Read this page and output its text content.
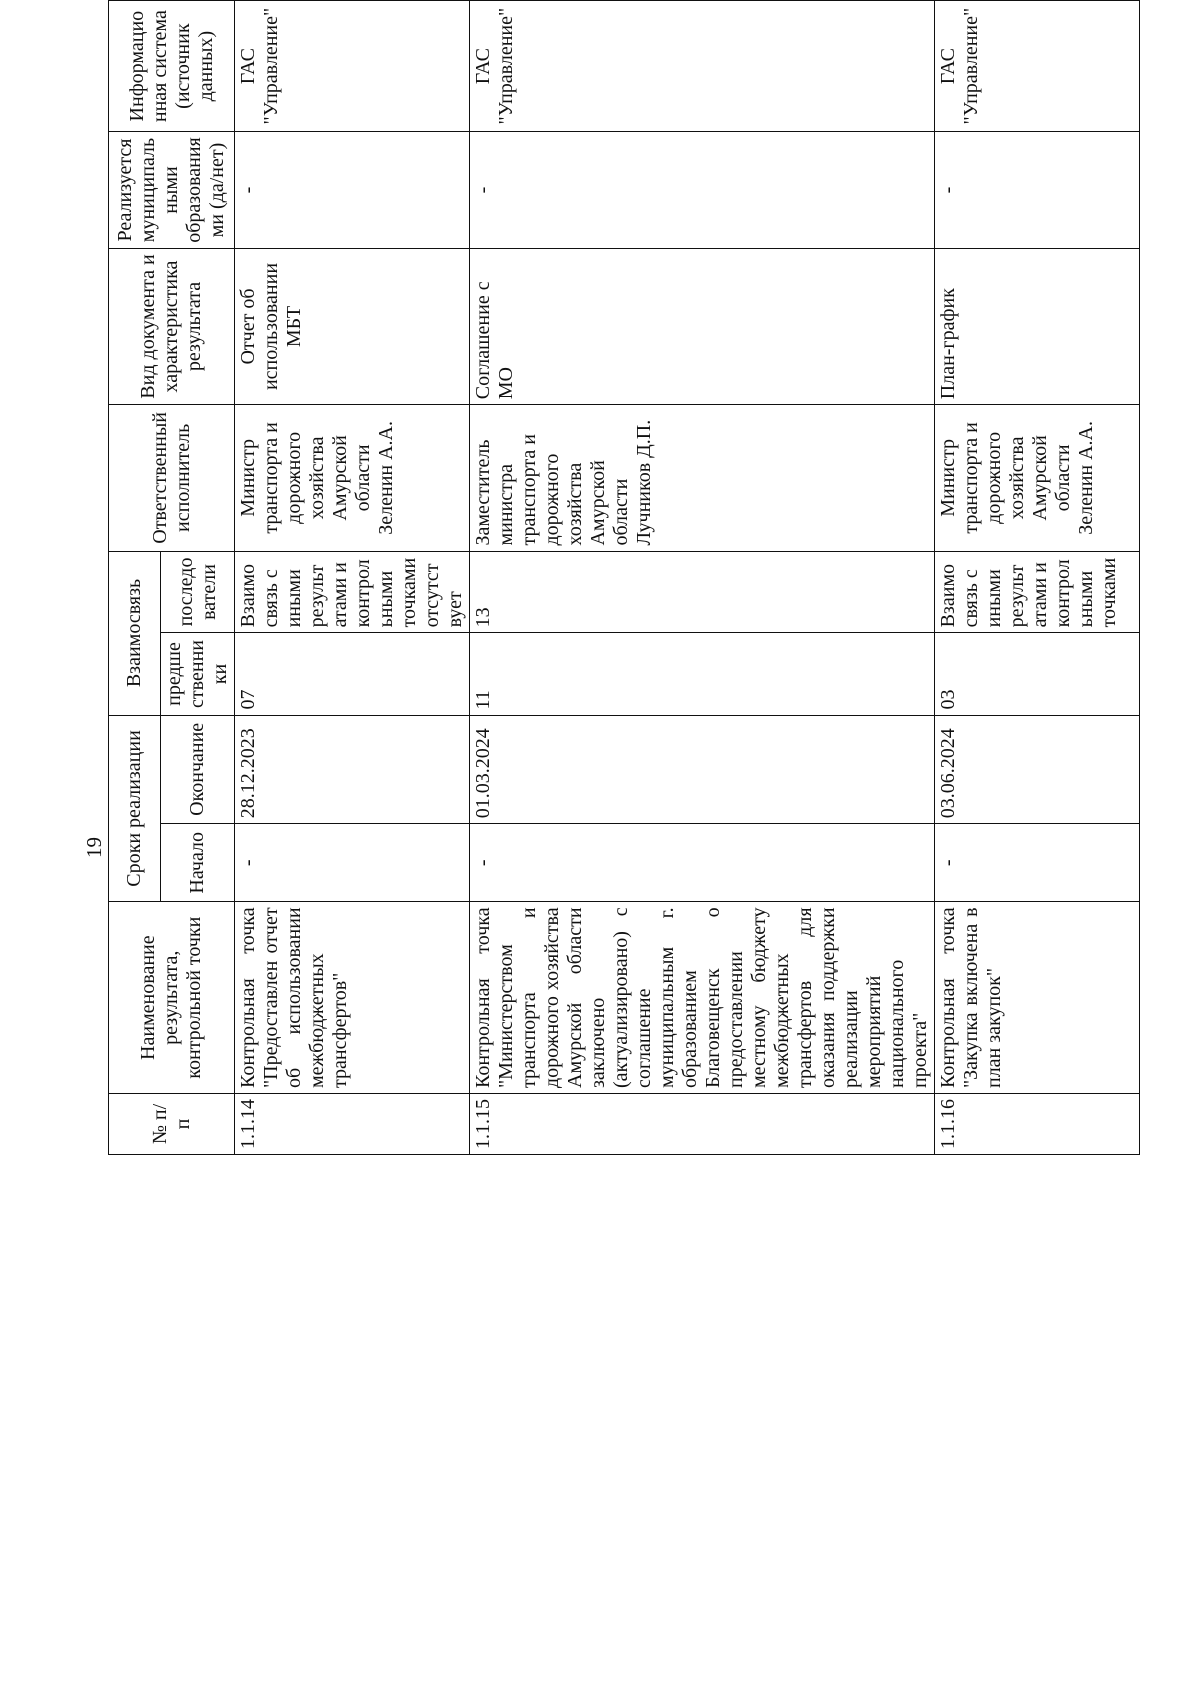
19
№ п/п	Наименование результата, контрольной точки	Сроки реализации		Взаимосвязь		Ответственный исполнитель	Вид документа и характеристика результата	Реализуется муниципаль ными образования ми (да/нет)	Информацио нная система (источник данных)
		Начало	Окончание	предше ственни ки	последо ватели				
1.1.14	Контрольная точка "Предоставлен отчет об использовании межбюджетных трансфертов"	-	28.12.2023	07	Взаимо связь с иными результ атами и контрол ьными точками отсутст вует	Министр транспорта и дорожного хозяйства Амурской области Зеленин А.А.	Отчет об использовании МБТ	-	ГАС "Управление"
1.1.15	Контрольная точка "Министерством транспорта и дорожного хозяйства Амурской области заключено (актуализировано) с соглашение муниципальным г. образованием Благовещенск о предоставлении местному бюджету межбюджетных трансфертов для оказания поддержки реализации мероприятий национального проекта"	-	01.03.2024	11	13	Заместитель министра транспорта и дорожного хозяйства Амурской области Лучников Д.П.	Соглашение с МО	-	ГАС "Управление"
1.1.16	Контрольная точка "Закупка включена в план закупок"	-	03.06.2024	03	Взаимо связь с иными результ атами и контрол ьными точками	Министр транспорта и дорожного хозяйства Амурской области Зеленин А.А.	План-график	-	ГАС "Управление"
